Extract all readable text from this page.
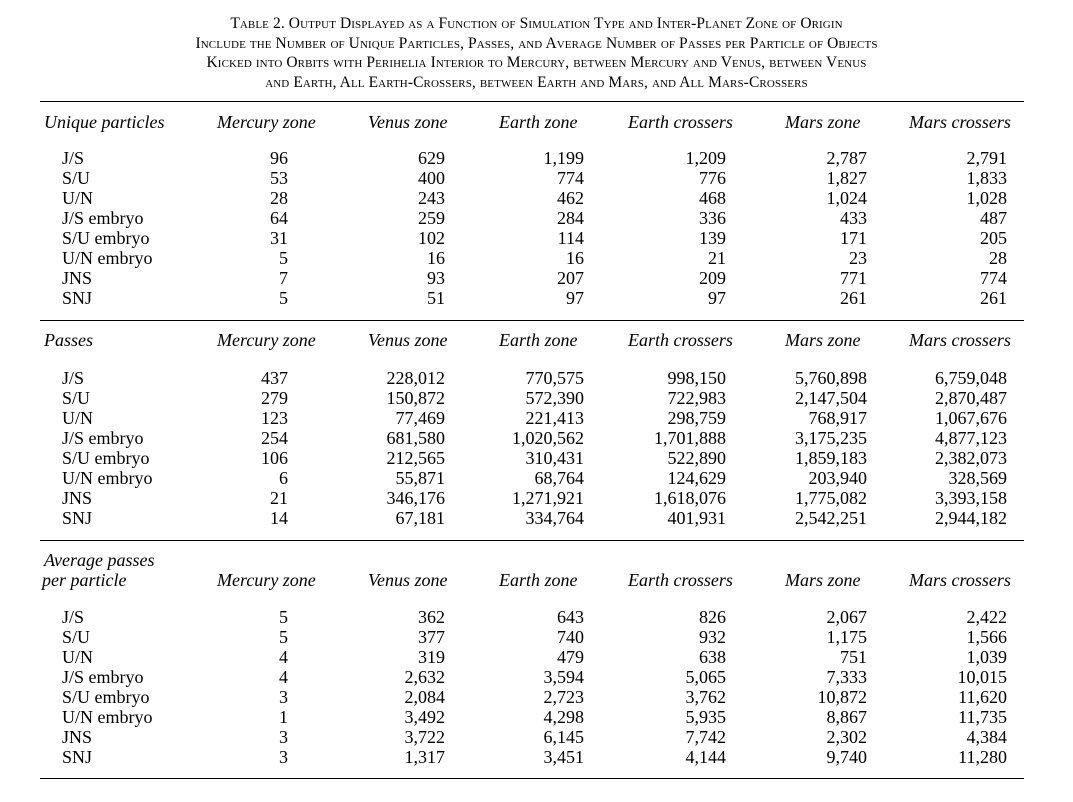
Table 2. Output Displayed as a Function of Simulation Type and Inter-Planet Zone of Origin
Include the Number of Unique Particles, Passes, and Average Number of Passes per Particle of Objects
Kicked into Orbits with Perihelia Interior to Mercury, between Mercury and Venus, between Venus
and Earth, All Earth-Crossers, between Earth and Mars, and All Mars-Crossers
Unique particles	Mercury zone	Venus zone	Earth zone	Earth crossers	Mars zone	Mars crossers
J/S	96	629	1,199	1,209	2,787	2,791
S/U	53	400	774	776	1,827	1,833
U/N	28	243	462	468	1,024	1,028
J/S embryo	64	259	284	336	433	487
S/U embryo	31	102	114	139	171	205
U/N embryo	5	16	16	21	23	28
JNS	7	93	207	209	771	774
SNJ	5	51	97	97	261	261
Passes	Mercury zone	Venus zone	Earth zone	Earth crossers	Mars zone	Mars crossers
J/S	437	228,012	770,575	998,150	5,760,898	6,759,048
S/U	279	150,872	572,390	722,983	2,147,504	2,870,487
U/N	123	77,469	221,413	298,759	768,917	1,067,676
J/S embryo	254	681,580	1,020,562	1,701,888	3,175,235	4,877,123
S/U embryo	106	212,565	310,431	522,890	1,859,183	2,382,073
U/N embryo	6	55,871	68,764	124,629	203,940	328,569
JNS	21	346,176	1,271,921	1,618,076	1,775,082	3,393,158
SNJ	14	67,181	334,764	401,931	2,542,251	2,944,182
Average passes
per particle	Mercury zone	Venus zone	Earth zone	Earth crossers	Mars zone	Mars crossers
J/S	5	362	643	826	2,067	2,422
S/U	5	377	740	932	1,175	1,566
U/N	4	319	479	638	751	1,039
J/S embryo	4	2,632	3,594	5,065	7,333	10,015
S/U embryo	3	2,084	2,723	3,762	10,872	11,620
U/N embryo	1	3,492	4,298	5,935	8,867	11,735
JNS	3	3,722	6,145	7,742	2,302	4,384
SNJ	3	1,317	3,451	4,144	9,740	11,280
